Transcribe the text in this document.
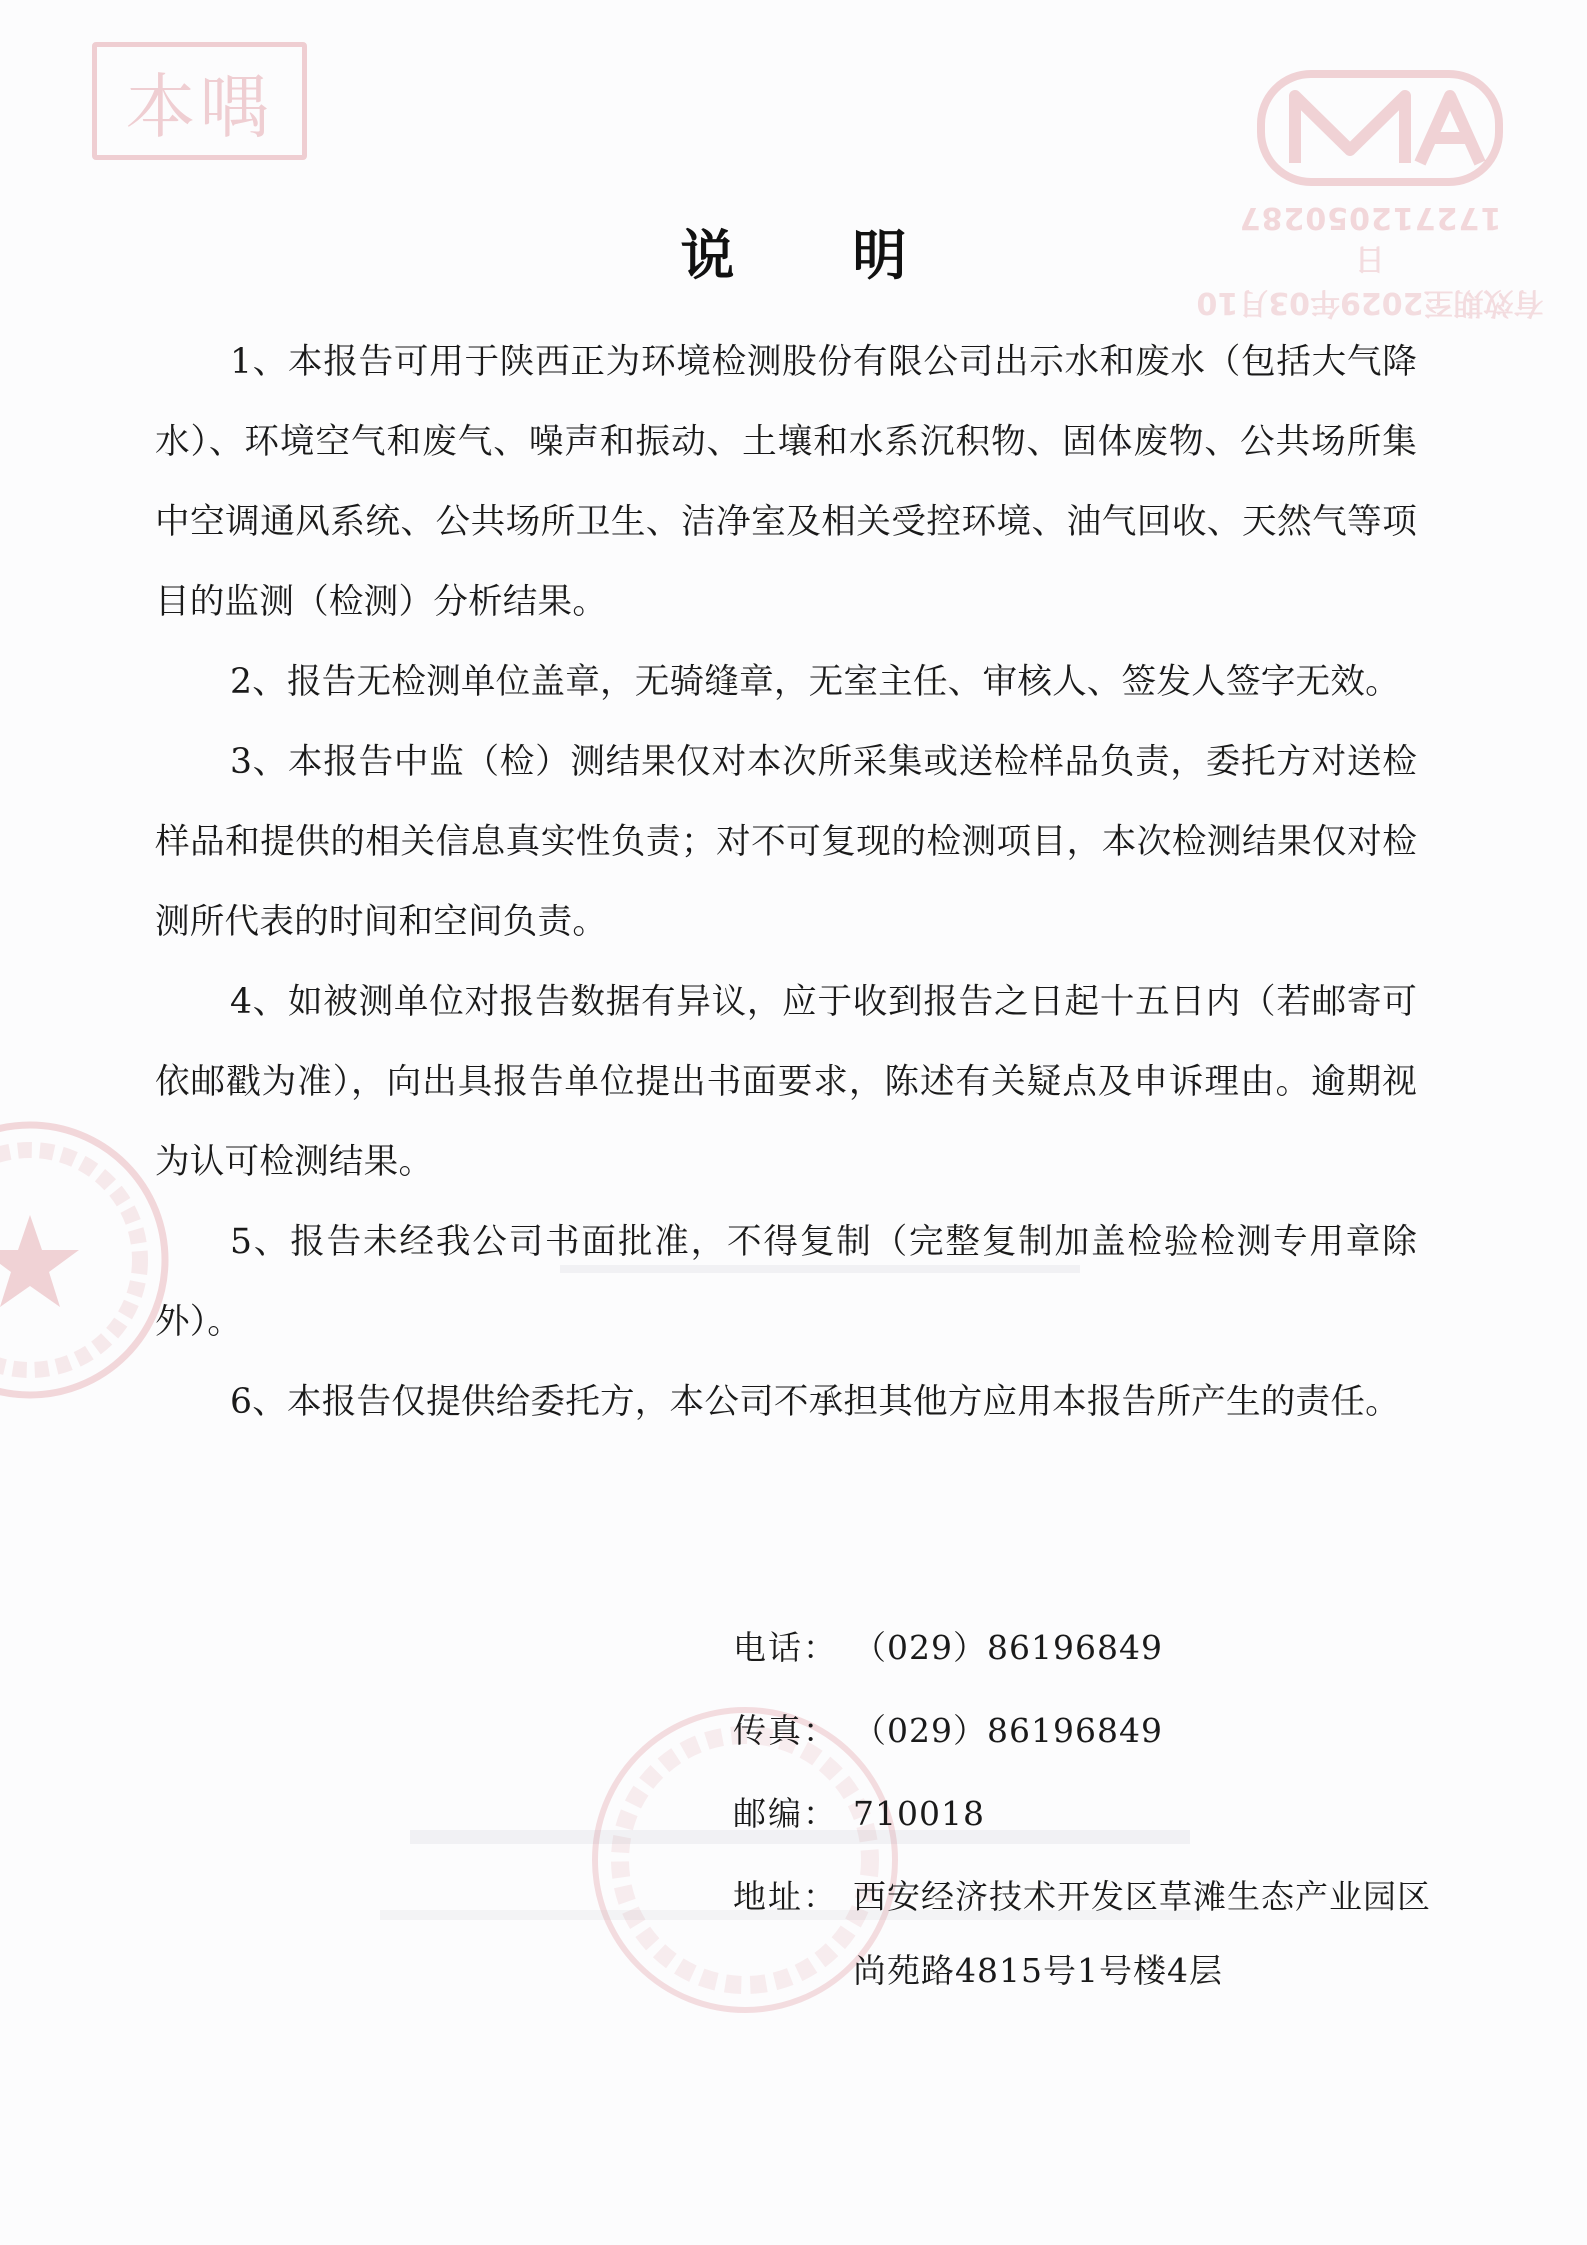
本喁
172712050287
有效期至2029年03月10日
说明

1、本报告可用于陕西正为环境检测股份有限公司出示水和废水（包括大气降水）、环境空气和废气、噪声和振动、土壤和水系沉积物、固体废物、公共场所集中空调通风系统、公共场所卫生、洁净室及相关受控环境、油气回收、天然气等项目的监测（检测）分析结果。

2、报告无检测单位盖章，无骑缝章，无室主任、审核人、签发人签字无效。

3、本报告中监（检）测结果仅对本次所采集或送检样品负责，委托方对送检样品和提供的相关信息真实性负责；对不可复现的检测项目，本次检测结果仅对检测所代表的时间和空间负责。

4、如被测单位对报告数据有异议，应于收到报告之日起十五日内（若邮寄可依邮戳为准），向出具报告单位提出书面要求，陈述有关疑点及申诉理由。逾期视为认可检测结果。

5、报告未经我公司书面批准，不得复制（完整复制加盖检验检测专用章除外）。

6、本报告仅提供给委托方，本公司不承担其他方应用本报告所产生的责任。

电话： （029）86196849
传真： （029）86196849
邮编： 710018
地址： 西安经济技术开发区草滩生态产业园区尚苑路4815号1号楼4层
